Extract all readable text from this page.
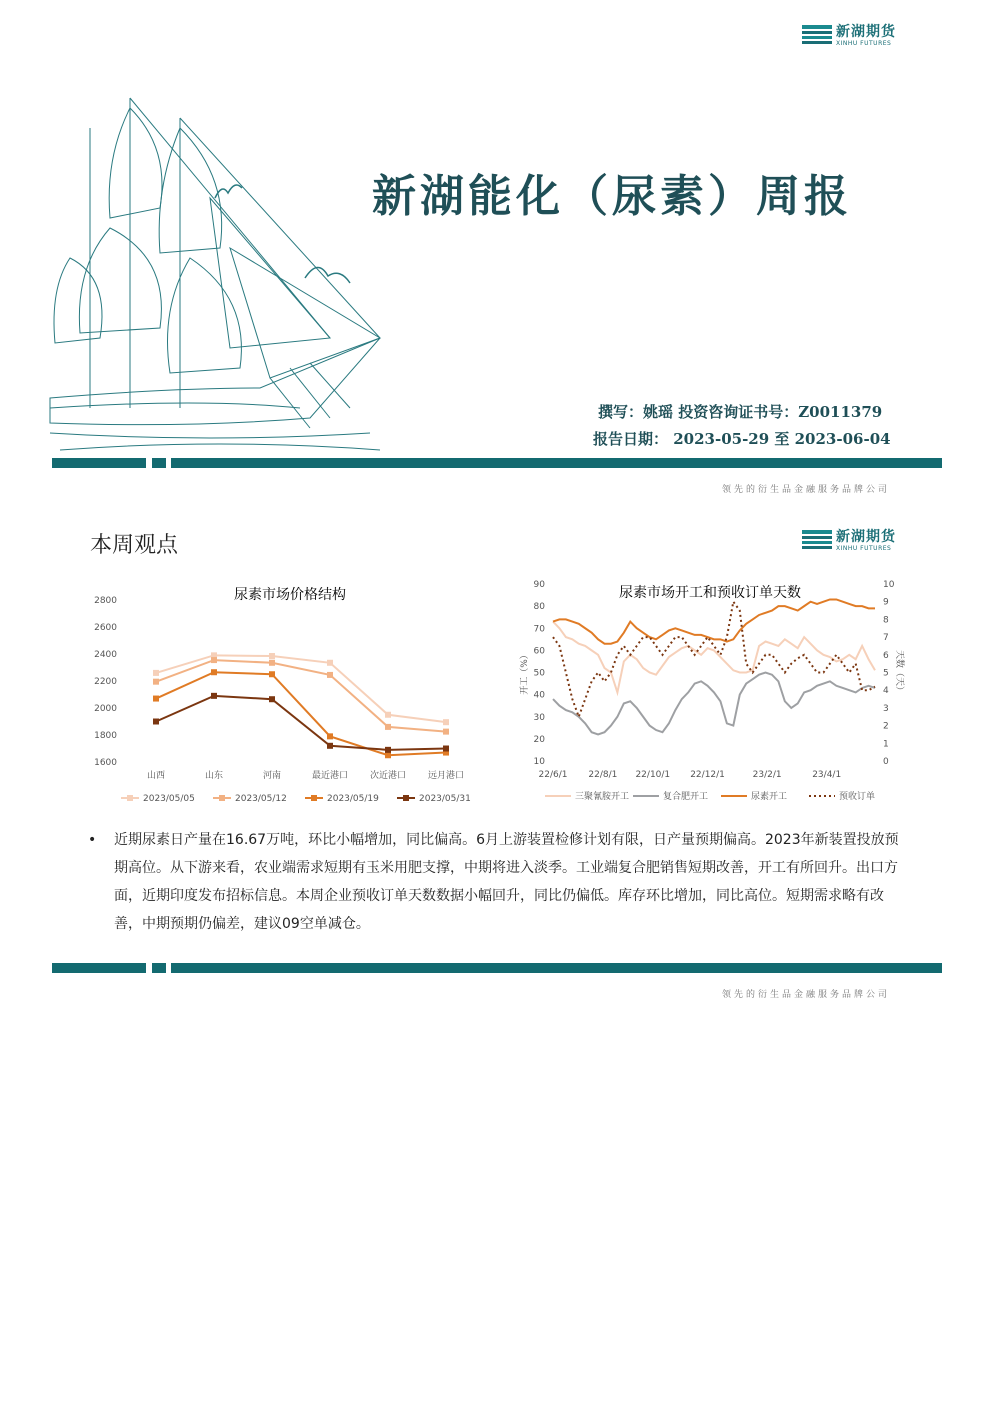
新湖期货
XINHU FUTURES
新湖能化（尿素）周报
撰写：姚瑶 投资咨询证书号：Z0011379
报告日期： 2023-05-29 至 2023-06-04
领先的衍生品金融服务品牌公司
本周观点	新湖期货
XINHU FUTURES
尿素市场价格结构
1600
1800
2000
2200
2400
2600
2800
山西	山东	河南	最近港口 次近港口 远月港口
2023/05/05	2023/05/12	2023/05/19	2023/05/31
尿素市场开工和预收订单天数
10
20
30
40
50
60
70
80
90
0
1
2
3
4
5
6
7
8
9
10
22/6/1 22/8/1 22/10/1 22/12/1	23/2/1	23/4/1
开工（%）	天数（天）
三聚氰胺开工	复合肥开工	尿素开工	预收订单
•	近期尿素日产量在16.67万吨，环比小幅增加，同比偏高。6月上游装置检修计划有限，日产量预期偏高。2023年新装置投放预期高位。从下游来看，农业端需求短期有玉米用肥支撑，中期将进入淡季。工业端复合肥销售短期改善，开工有所回升。出口方面，近期印度发布招标信息。本周企业预收订单天数数据小幅回升，同比仍偏低。库存环比增加，同比高位。短期需求略有改善，中期预期仍偏差，建议09空单减仓。
领先的衍生品金融服务品牌公司
